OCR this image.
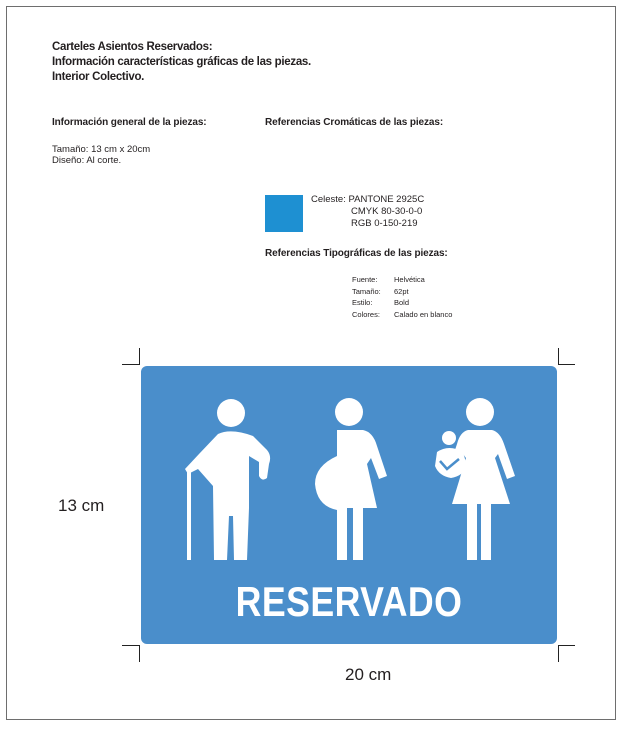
Carteles Asientos Reservados:
Información características gráficas de las piezas.
Interior Colectivo.
Información general de la piezas:
Tamaño: 13 cm x 20cm
Diseño: Al corte.
Referencias Cromáticas de las piezas:
Celeste: PANTONE 2925C
CMYK 80-30-0-0
RGB 0-150-219
Referencias Tipográficas de las piezas:
Fuente:	Helvética
Tamaño:	62pt
Estilo:	Bold
Colores:	Calado en blanco
RESERVADO
13 cm
20 cm
